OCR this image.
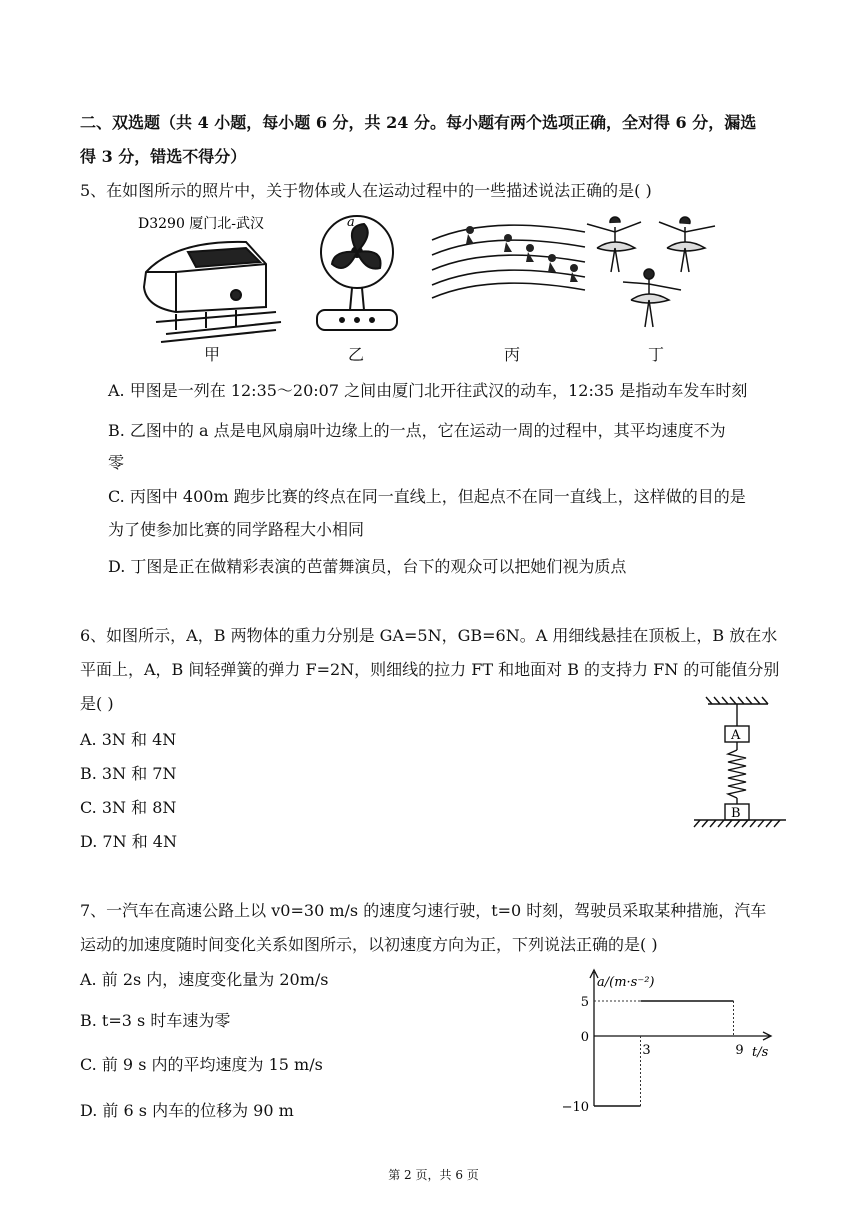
二、双选题（共 4 小题，每小题 6 分，共 24 分。每小题有两个选项正确，全对得 6 分，漏选
得 3 分，错选不得分）
5、在如图所示的照片中，关于物体或人在运动过程中的一些描述说法正确的是( )
D3290 厦门北-武汉
甲
a
乙	丙	丁
A. 甲图是一列在 12:35～20:07 之间由厦门北开往武汉的动车，12:35 是指动车发车时刻
B. 乙图中的 a 点是电风扇扇叶边缘上的一点，它在运动一周的过程中，其平均速度不为
零
C. 丙图中 400m 跑步比赛的终点在同一直线上，但起点不在同一直线上，这样做的目的是
为了使参加比赛的同学路程大小相同
D. 丁图是正在做精彩表演的芭蕾舞演员，台下的观众可以把她们视为质点
6、如图所示，A，B 两物体的重力分别是 GA=5N，GB=6N。A 用细线悬挂在顶板上，B 放在水
平面上，A，B 间轻弹簧的弹力 F=2N，则细线的拉力 FT 和地面对 B 的支持力 FN 的可能值分别
是( )
A. 3N 和 4N
B. 3N 和 7N
C. 3N 和 8N
D. 7N 和 4N
A
B
7、一汽车在高速公路上以 v0=30 m/s 的速度匀速行驶，t=0 时刻，驾驶员采取某种措施，汽车
运动的加速度随时间变化关系如图所示，以初速度方向为正，下列说法正确的是( )
A. 前 2s 内，速度变化量为 20m/s
B. t=3 s 时车速为零
C. 前 9 s 内的平均速度为 15 m/s
D. 前 6 s 内车的位移为 90 m
5
0
−10
3	9
a/(m·s⁻²)
t/s
第 2 页，共 6 页
